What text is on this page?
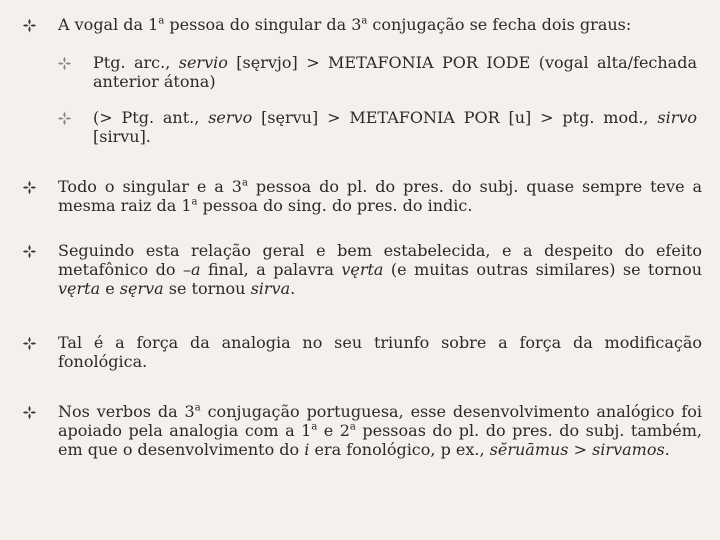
A vogal da 1$^a$ pessoa do singular da 3$^a$ conjugação se fecha dois graus:
Ptg. arc., servio [sęrvjo] > METAFONIA POR IODE (vogal alta/fechada anterior átona)
(> Ptg. ant., servo [sęrvu] > METAFONIA POR [u] > ptg. mod., sirvo [sirvu].
Todo o singular e a 3$^a$ pessoa do pl. do pres. do subj. quase sempre teve a mesma raiz da 1$^a$ pessoa do sing. do pres. do indic.
Seguindo esta relação geral e bem estabelecida, e a despeito do efeito metafônico do –a final, a palavra vęrta (e muitas outras similares) se tornou vęrta e sęrva se tornou sirva.
Tal é a força da analogia no seu triunfo sobre a força da modificação fonológica.
Nos verbos da 3$^a$ conjugação portuguesa, esse desenvolvimento analógico foi apoiado pela analogia com a 1$^a$ e 2$^a$ pessoas do pl. do pres. do subj. também, em que o desenvolvimento do i era fonológico, p ex., sĕruāmus > sirvamos.
